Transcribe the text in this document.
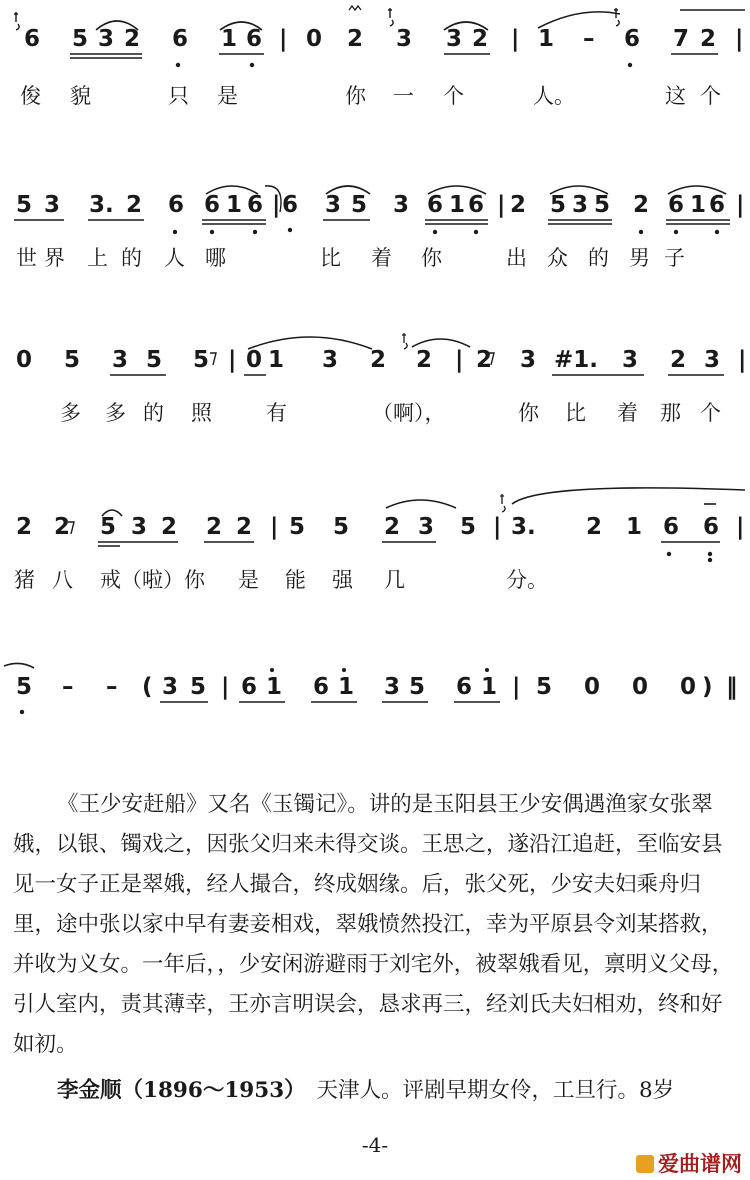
6 5 3 2 6 1 6 | 0 2 3 3 2 | 1 – 6 7 2 |
俊 貌	只 是	你 一 个	人。	这 个
5 3 3. 2 6 6 1 6 | 6 3 5 3 6 1 6 | 2 5 3 5 2 6 1 6 |
世 界 上 的 人 哪	比 着 你	出 众 的 男 子
0 5 3 5 5 | 0 1 3 2 2 | 2 3 #1. 3 2 3 |
多 多 的 照	有	（啊），	你 比 着 那 个
2 2 5 3 2 2 2 | 5 5 2 3 5 | 3. 2 1 6 6 |
猪 八 戒（啦）你 是 能 强 几	分。
5 – – ( 3 5 | 6 1 6 1 3 5 6 1 | 5 0 0 0 ) ‖

《王少安赶船》又名《玉镯记》。讲的是玉阳县王少安偶遇渔家女张翠娥，以银、镯戏之，因张父归来未得交谈。王思之，遂沿江追赶，至临安县见一女子正是翠娥，经人撮合，终成姻缘。后，张父死，少安夫妇乘舟归里，途中张以家中早有妻妾相戏，翠娥愤然投江，幸为平原县令刘某搭救，并收为义女。一年后，，少安闲游避雨于刘宅外，被翠娥看见，禀明义父母，引人室内，责其薄幸，王亦言明误会，恳求再三，经刘氏夫妇相劝，终和好如初。

李金顺（1896～1953）　 天津人。评剧早期女伶，工旦行。8岁

-4-
爱曲谱网
